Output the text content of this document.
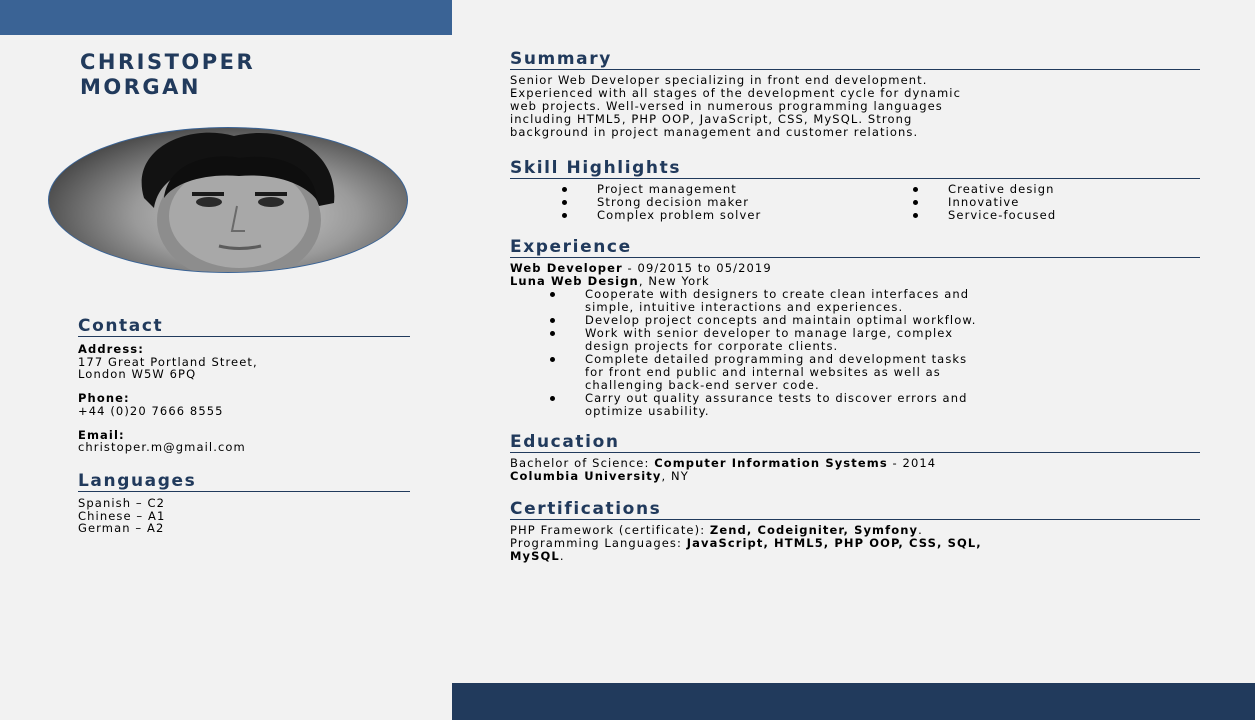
CHRISTOPER
MORGAN
Contact
Address:
177 Great Portland Street,
London W5W 6PQ
Phone:
+44 (0)20 7666 8555
Email:
christoper.m@gmail.com
Languages
Spanish – C2
Chinese – A1
German – A2
Summary
Senior Web Developer specializing in front end development.
Experienced with all stages of the development cycle for dynamic
web projects. Well-versed in numerous programming languages
including HTML5, PHP OOP, JavaScript, CSS, MySQL. Strong
background in project management and customer relations.
Skill Highlights
Project management
Strong decision maker
Complex problem solver
Creative design
Innovative
Service-focused
Experience
Web Developer - 09/2015 to 05/2019
Luna Web Design, New York
Cooperate with designers to create clean interfaces and
simple, intuitive interactions and experiences.
Develop project concepts and maintain optimal workflow.
Work with senior developer to manage large, complex
design projects for corporate clients.
Complete detailed programming and development tasks
for front end public and internal websites as well as
challenging back-end server code.
Carry out quality assurance tests to discover errors and
optimize usability.
Education
Bachelor of Science: Computer Information Systems - 2014
Columbia University, NY
Certifications
PHP Framework (certificate): Zend, Codeigniter, Symfony.
Programming Languages: JavaScript, HTML5, PHP OOP, CSS, SQL,
MySQL.
